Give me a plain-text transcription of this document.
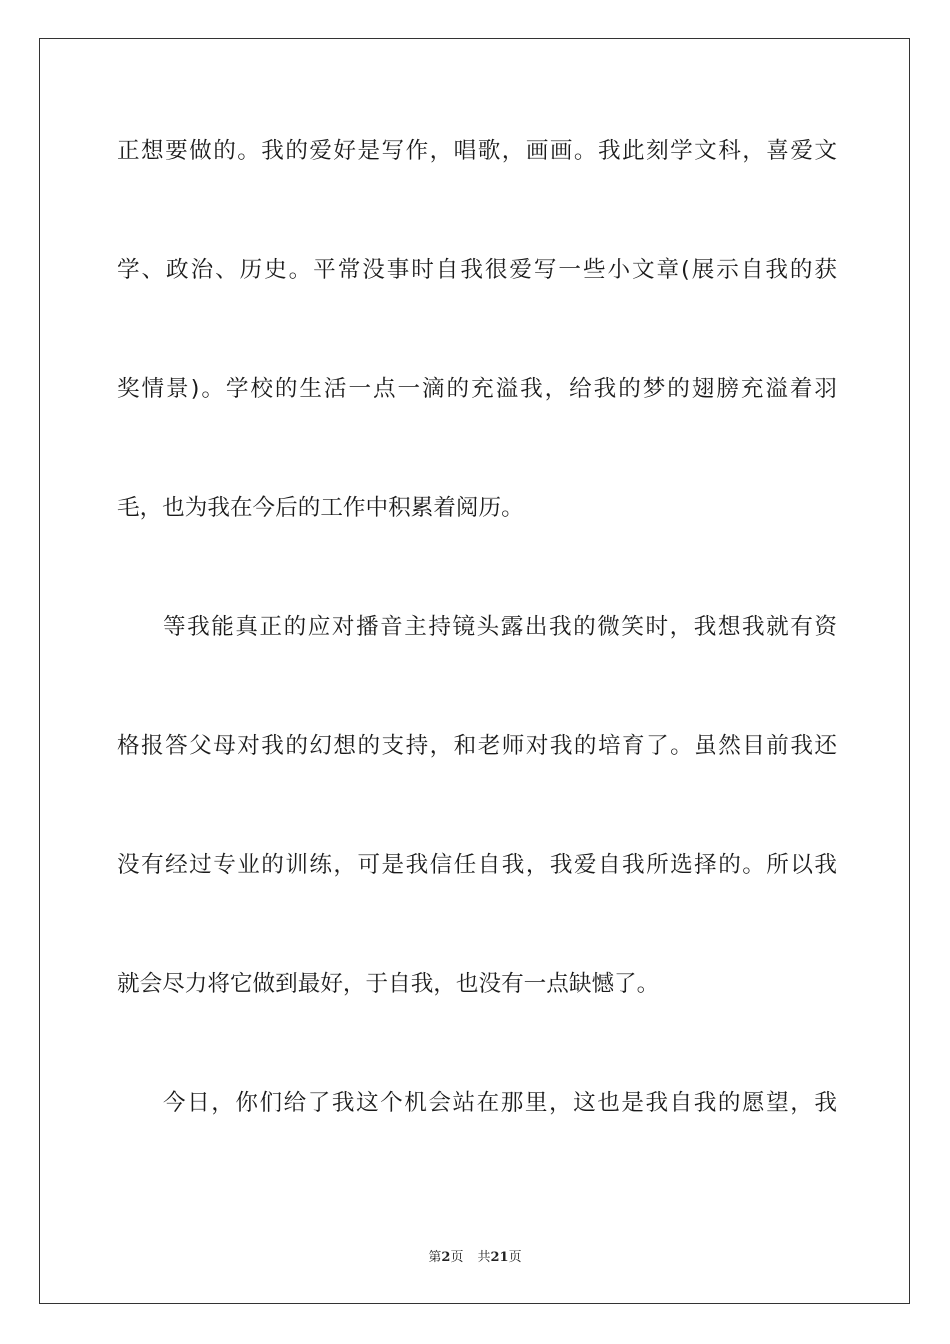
正想要做的。我的爱好是写作，唱歌，画画。我此刻学文科，喜爱文
学、政治、历史。平常没事时自我很爱写一些小文章(展示自我的获
奖情景)。学校的生活一点一滴的充溢我，给我的梦的翅膀充溢着羽
毛，也为我在今后的工作中积累着阅历。
等我能真正的应对播音主持镜头露出我的微笑时，我想我就有资
格报答父母对我的幻想的支持，和老师对我的培育了。虽然目前我还
没有经过专业的训练，可是我信任自我，我爱自我所选择的。所以我
就会尽力将它做到最好，于自我，也没有一点缺憾了。
今日，你们给了我这个机会站在那里，这也是我自我的愿望，我
第2页 共21页
